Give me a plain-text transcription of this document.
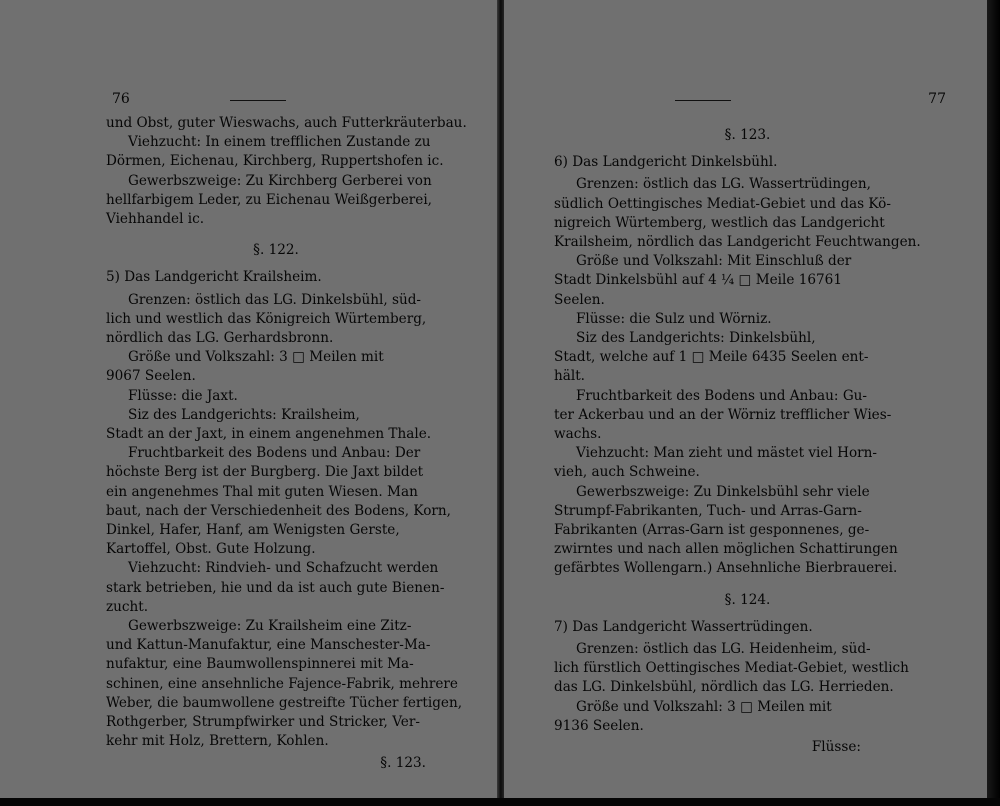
76
und Obst, guter Wieswachs, auch Futterkräuterbau.
Viehzucht: In einem trefflichen Zustande zu
Dörmen, Eichenau, Kirchberg, Ruppertshofen ic.
Gewerbszweige: Zu Kirchberg Gerberei von
hellfarbigem Leder, zu Eichenau Weißgerberei,
Viehhandel ic.
§. 122.
5) Das Landgericht Krailsheim.
Grenzen: östlich das LG. Dinkelsbühl, süd-
lich und westlich das Königreich Würtemberg,
nördlich das LG. Gerhardsbronn.
Größe und Volkszahl: 3 □ Meilen mit
9067 Seelen.
Flüsse: die Jaxt.
Siz des Landgerichts: Krailsheim,
Stadt an der Jaxt, in einem angenehmen Thale.
Fruchtbarkeit des Bodens und Anbau: Der
höchste Berg ist der Burgberg. Die Jaxt bildet
ein angenehmes Thal mit guten Wiesen. Man
baut, nach der Verschiedenheit des Bodens, Korn,
Dinkel, Hafer, Hanf, am Wenigsten Gerste,
Kartoffel, Obst. Gute Holzung.
Viehzucht: Rindvieh- und Schafzucht werden
stark betrieben, hie und da ist auch gute Bienen-
zucht.
Gewerbszweige: Zu Krailsheim eine Zitz-
und Kattun-Manufaktur, eine Manschester-Ma-
nufaktur, eine Baumwollenspinnerei mit Ma-
schinen, eine ansehnliche Fajence-Fabrik, mehrere
Weber, die baumwollene gestreifte Tücher fertigen,
Rothgerber, Strumpfwirker und Stricker, Ver-
kehr mit Holz, Brettern, Kohlen.
§. 123.
77
§. 123.
6) Das Landgericht Dinkelsbühl.
Grenzen: östlich das LG. Wassertrüdingen,
südlich Oettingisches Mediat-Gebiet und das Kö-
nigreich Würtemberg, westlich das Landgericht
Krailsheim, nördlich das Landgericht Feuchtwangen.
Größe und Volkszahl: Mit Einschluß der
Stadt Dinkelsbühl auf 4 ¼ □ Meile 16761
Seelen.
Flüsse: die Sulz und Wörniz.
Siz des Landgerichts: Dinkelsbühl,
Stadt, welche auf 1 □ Meile 6435 Seelen ent-
hält.
Fruchtbarkeit des Bodens und Anbau: Gu-
ter Ackerbau und an der Wörniz trefflicher Wies-
wachs.
Viehzucht: Man zieht und mästet viel Horn-
vieh, auch Schweine.
Gewerbszweige: Zu Dinkelsbühl sehr viele
Strumpf-Fabrikanten, Tuch- und Arras-Garn-
Fabrikanten (Arras-Garn ist gesponnenes, ge-
zwirntes und nach allen möglichen Schattirungen
gefärbtes Wollengarn.) Ansehnliche Bierbrauerei.
§. 124.
7) Das Landgericht Wassertrüdingen.
Grenzen: östlich das LG. Heidenheim, süd-
lich fürstlich Oettingisches Mediat-Gebiet, westlich
das LG. Dinkelsbühl, nördlich das LG. Herrieden.
Größe und Volkszahl: 3 □ Meilen mit
9136 Seelen.
Flüsse:
